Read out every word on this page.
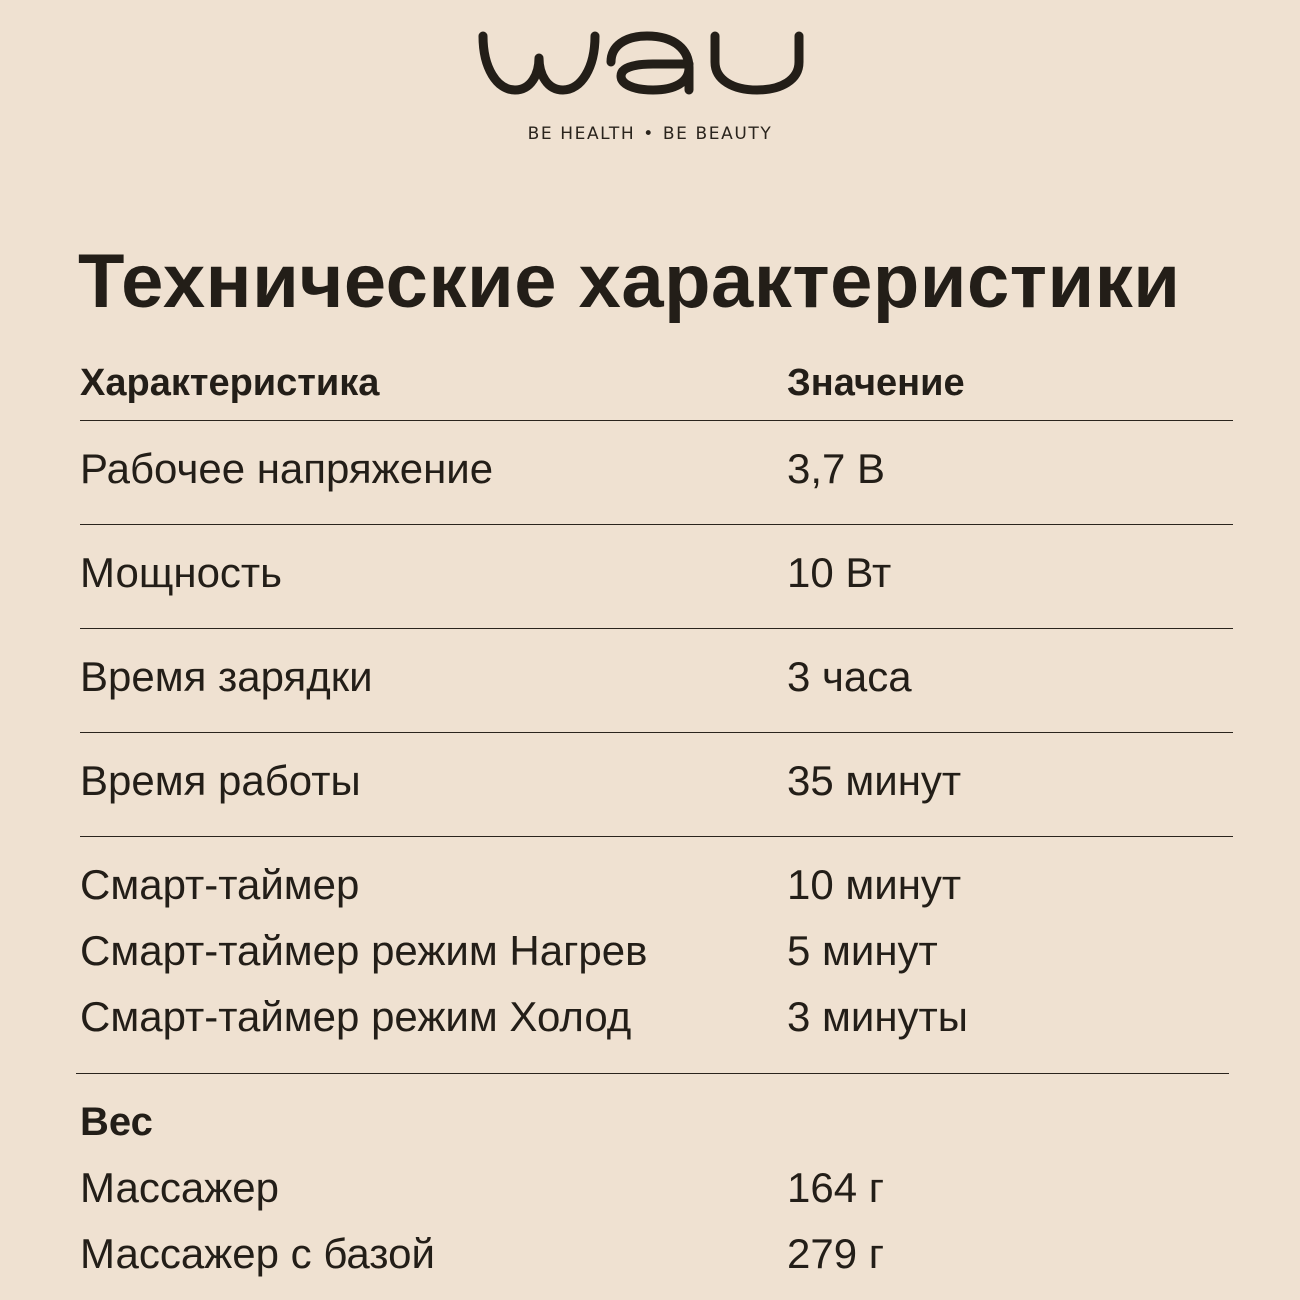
BE HEALTH • BE BEAUTY
Технические характеристики
Характеристика	Значение
Рабочее напряжение	3,7 В
Мощность	10 Вт
Время зарядки	3 часа
Время работы	35 минут
Смарт-таймер	10 минут
Смарт-таймер режим Нагрев	5 минут
Смарт-таймер режим Холод	3 минуты
Вес
Массажер	164 г
Массажер с базой	279 г
